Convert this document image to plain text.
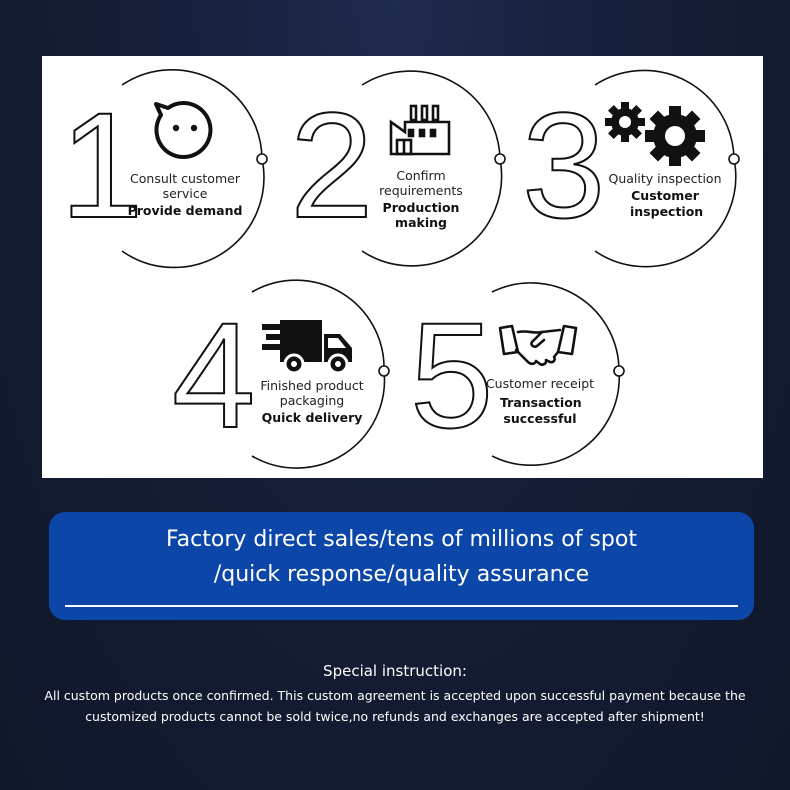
1 2 3
4 5
Consult customer service
Provide demand
Confirm requirements
Production making
Quality inspection
Customer inspection
Finished product packaging
Quick delivery
Customer receipt
Transaction successful
Factory direct sales/tens of millions of spot
/quick response/quality assurance
Special instruction:
All custom products once confirmed. This custom agreement is accepted upon successful payment because the
customized products cannot be sold twice,no refunds and exchanges are accepted after shipment!
